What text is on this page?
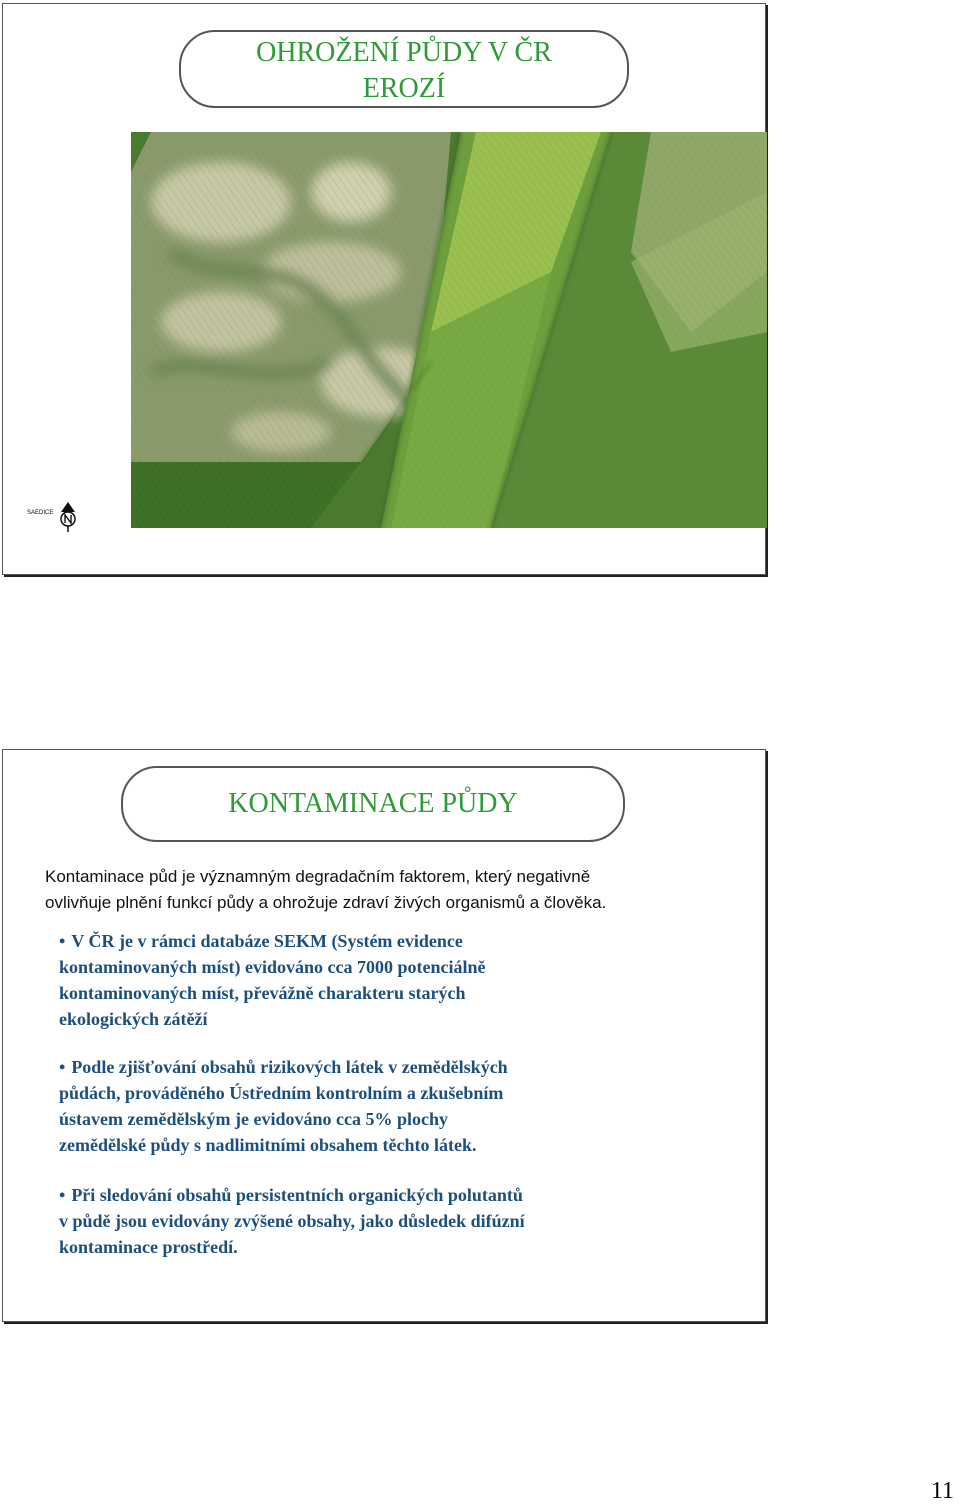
OHROŽENÍ PŮDY V ČR
EROZÍ
SAEDICE
KONTAMINACE PŮDY
Kontaminace půd je významným degradačním faktorem, který negativně
ovlivňuje plnění funkcí půdy a ohrožuje zdraví živých organismů a člověka.
• V ČR je v rámci databáze SEKM (Systém evidence
kontaminovaných míst) evidováno cca 7000 potenciálně
kontaminovaných míst, převážně charakteru starých
ekologických zátěží
• Podle zjišťování obsahů rizikových látek v zemědělských
půdách, prováděného Ústředním kontrolním a zkušebním
ústavem zemědělským je evidováno cca 5% plochy
zemědělské půdy s nadlimitními obsahem těchto látek.
• Při sledování obsahů persistentních organických polutantů
v půdě jsou evidovány zvýšené obsahy, jako důsledek difúzní
kontaminace prostředí.
11
